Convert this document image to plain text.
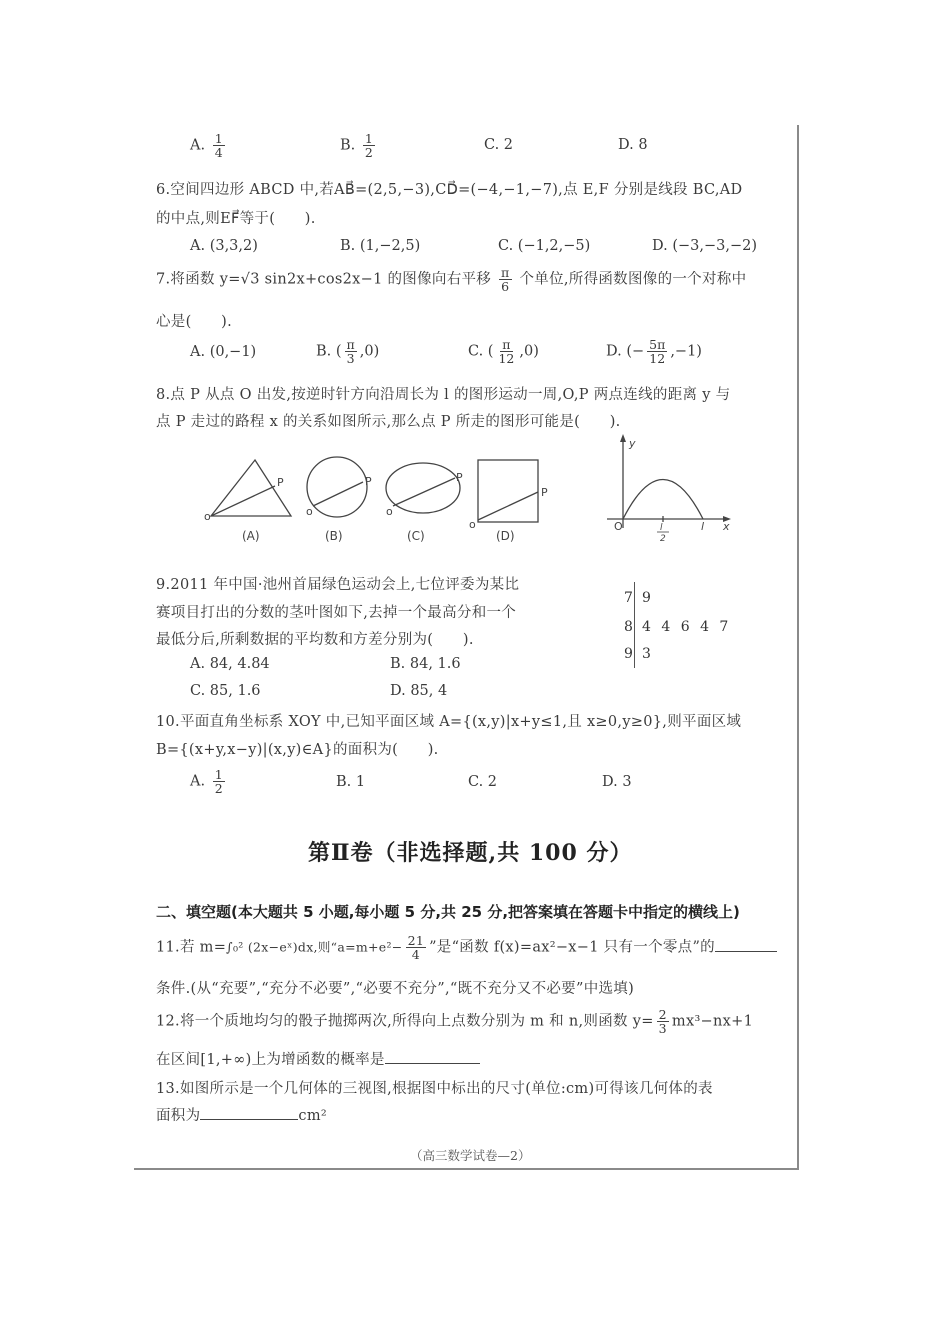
A. $\frac{1}{4}$	B. $\frac{1}{2}$	C. 2	D. 8
6.空间四边形 ABCD 中,若AB⃗=(2,5,−3),CD⃗=(−4,−1,−7),点 E,F 分别是线段 BC,AD
的中点,则EF⃗等于(　　).
A. (3,3,2)	B. (1,−2,5)	C. (−1,2,−5)	D. (−3,−3,−2)
7.将函数 y=√3 sin2x+cos2x−1 的图像向右平移 $\frac{\pi}{6}$ 个单位,所得函数图像的一个对称中
心是(　　).
A. (0,−1)	B. ( $\frac{\pi}{3} ,0$)	C. ( $\frac{\pi}{12} ,0$)	D. (− $\frac{5\pi}{12} ,-1$)
8.点 P 从点 O 出发,按逆时针方向沿周长为 l 的图形运动一周,O,P 两点连线的距离 y 与
点 P 走过的路程 x 的关系如图所示,那么点 P 所走的图形可能是(　　).
o
P
o
P
o
P
o
P
(A)	(B)	(C)	(D)
y
x
O	l
2
l
9.2011 年中国·池州首届绿色运动会上,七位评委为某比
赛项目打出的分数的茎叶图如下,去掉一个最高分和一个
最低分后,所剩数据的平均数和方差分别为(　　).
A. 84, 4.84	B. 84, 1.6
C. 85, 1.6	D. 85, 4
7 9
8 4 4 6 4 7
9 3
10.平面直角坐标系 XOY 中,已知平面区域 A={(x,y)|x+y≤1,且 x≥0,y≥0},则平面区域
B={(x+y,x−y)|(x,y)∈A}的面积为(　　).
A. $\frac{1}{2}$	B. 1	C. 2	D. 3
第Ⅱ卷（非选择题,共 100 分）
二、填空题(本大题共 5 小题,每小题 5 分,共 25 分,把答案填在答题卡中指定的横线上)
11.若 m=∫₀² (2x−eˣ)dx,则“$a=m+e^2- \frac{21}{4}$ ”是“函数 f(x)=ax²−x−1 只有一个零点”的
条件.(从“充要”,“充分不必要”,“必要不充分”,“既不充分又不必要”中选填)
12.将一个质地均匀的骰子抛掷两次,所得向上点数分别为 m 和 n,则函数 $y= \frac{2}{3} mx^3-nx+1$
在区间[1,+∞)上为增函数的概率是
13.如图所示是一个几何体的三视图,根据图中标出的尺寸(单位:cm)可得该几何体的表
面积为	cm²
（高三数学试卷—2）
